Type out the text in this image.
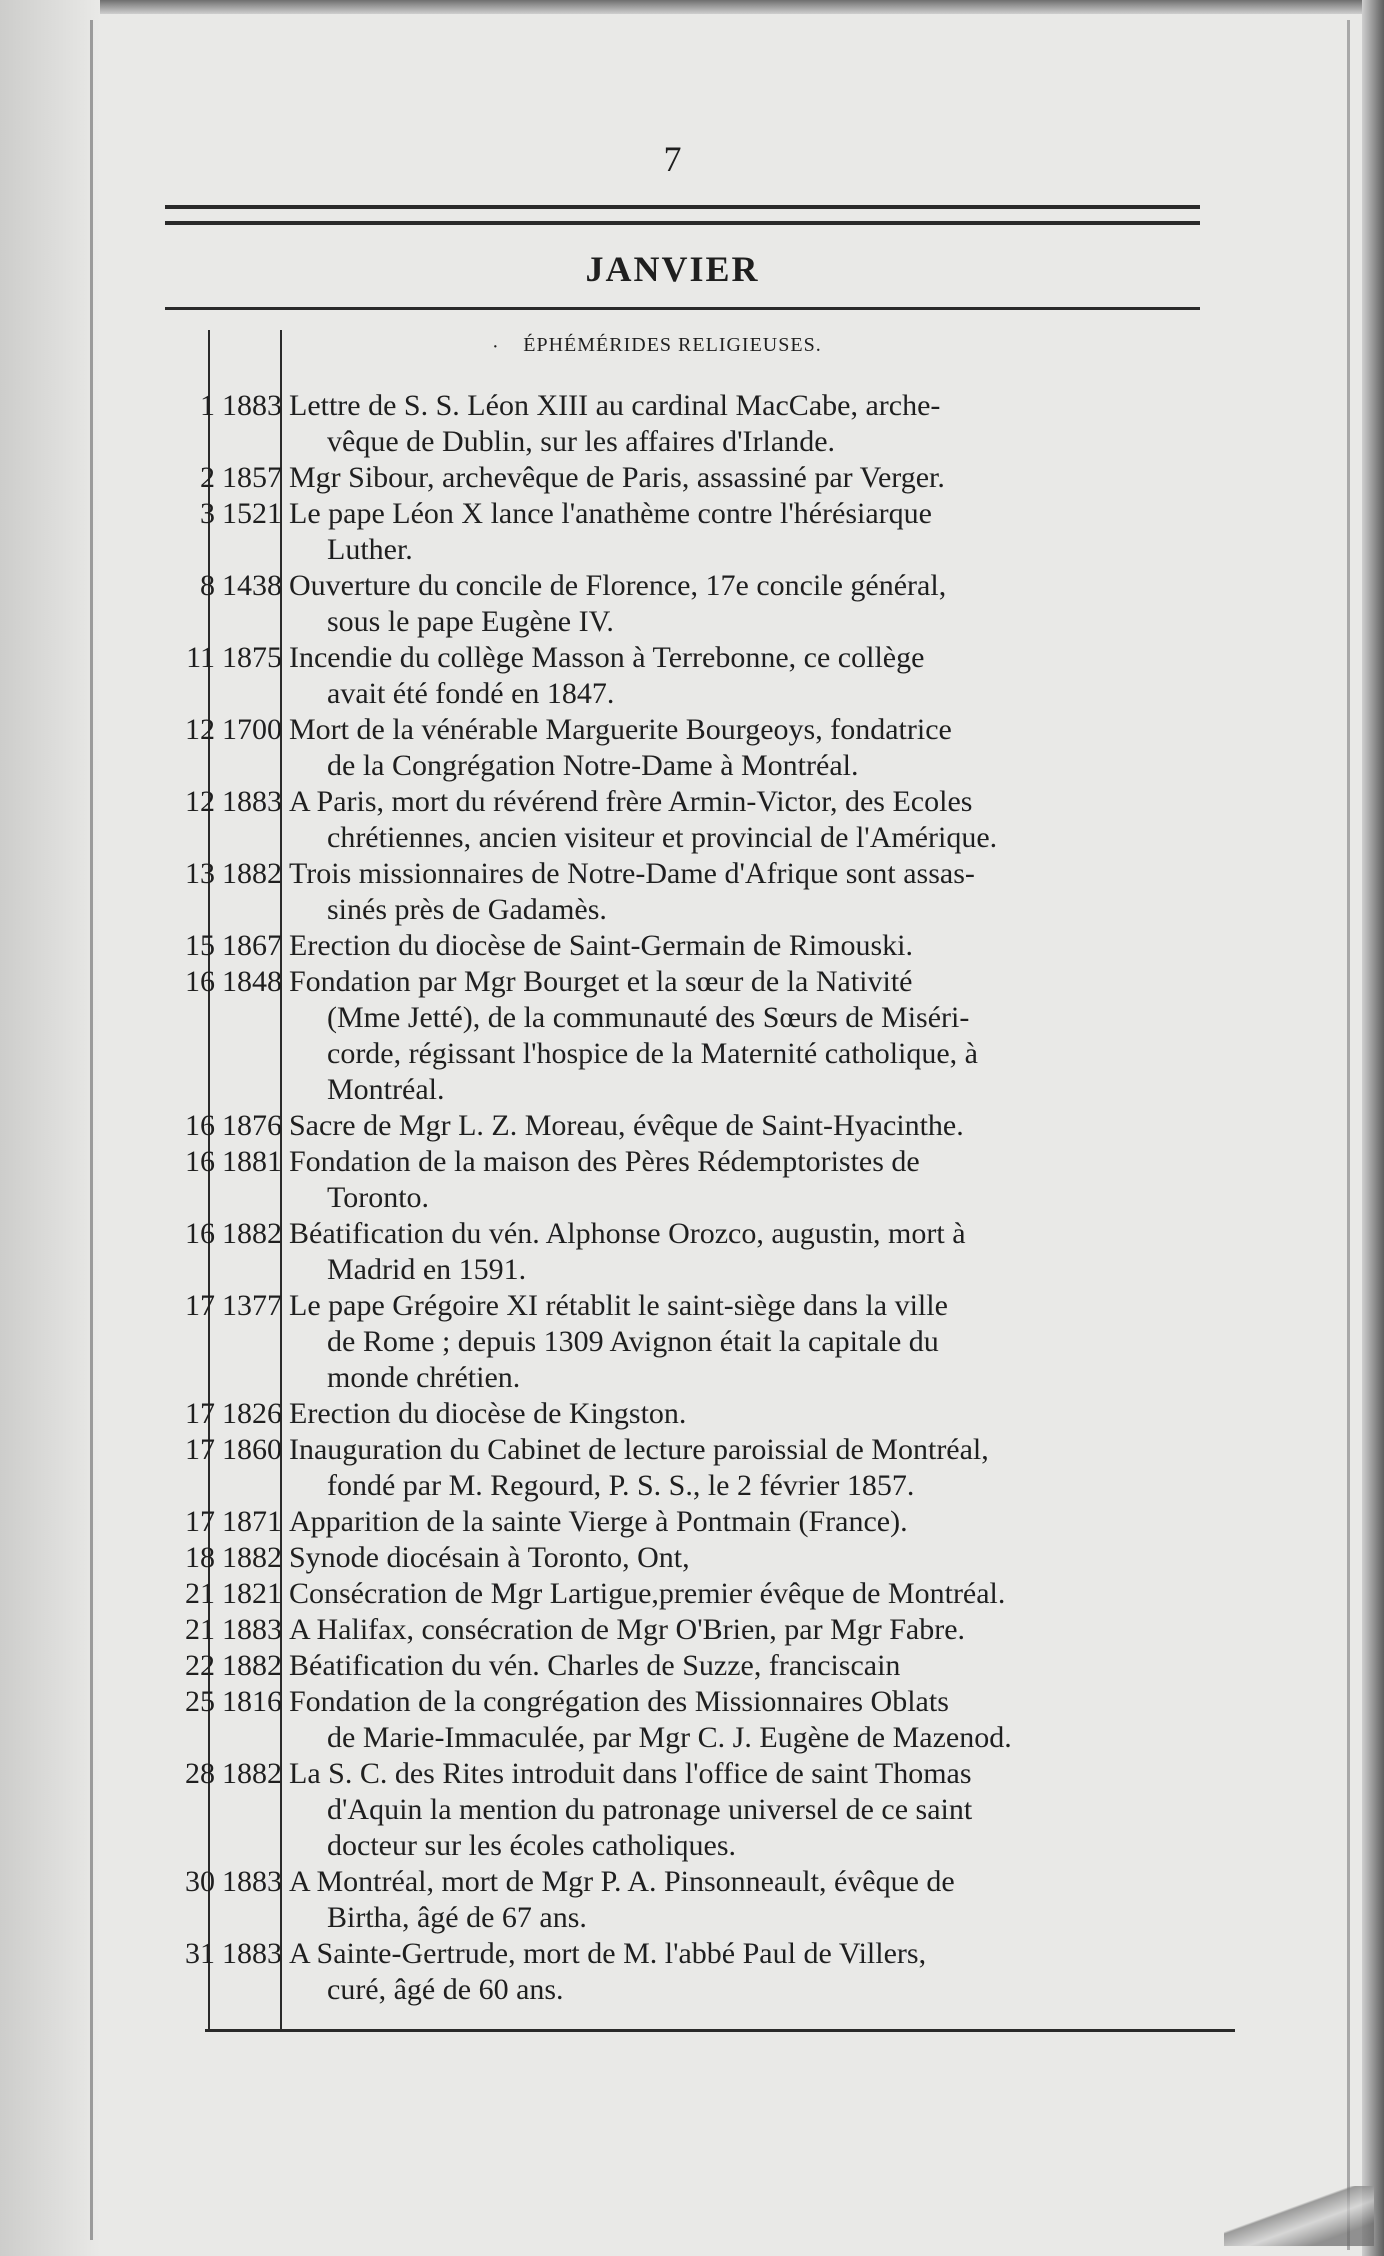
7
JANVIER
·	ÉPHÉMÉRIDES RELIGIEUSES.
1 1883 Lettre de S. S. Léon XIII au cardinal MacCabe, arche-
vêque de Dublin, sur les affaires d'Irlande.
2 1857 Mgr Sibour, archevêque de Paris, assassiné par Verger.
3 1521 Le pape Léon X lance l'anathème contre l'hérésiarque
Luther.
8 1438 Ouverture du concile de Florence, 17e concile général,
sous le pape Eugène IV.
11 1875 Incendie du collège Masson à Terrebonne, ce collège
avait été fondé en 1847.
12 1700 Mort de la vénérable Marguerite Bourgeoys, fondatrice
de la Congrégation Notre-Dame à Montréal.
12 1883 A Paris, mort du révérend frère Armin-Victor, des Ecoles
chrétiennes, ancien visiteur et provincial de l'Amérique.
13 1882 Trois missionnaires de Notre-Dame d'Afrique sont assas-
sinés près de Gadamès.
15 1867 Erection du diocèse de Saint-Germain de Rimouski.
16 1848 Fondation par Mgr Bourget et la sœur de la Nativité
(Mme Jetté), de la communauté des Sœurs de Miséri-
corde, régissant l'hospice de la Maternité catholique, à
Montréal.
16 1876 Sacre de Mgr L. Z. Moreau, évêque de Saint-Hyacinthe.
16 1881 Fondation de la maison des Pères Rédemptoristes de
Toronto.
16 1882 Béatification du vén. Alphonse Orozco, augustin, mort à
Madrid en 1591.
17 1377 Le pape Grégoire XI rétablit le saint-siège dans la ville
de Rome ; depuis 1309 Avignon était la capitale du
monde chrétien.
17 1826 Erection du diocèse de Kingston.
17 1860 Inauguration du Cabinet de lecture paroissial de Montréal,
fondé par M. Regourd, P. S. S., le 2 février 1857.
17 1871 Apparition de la sainte Vierge à Pontmain (France).
18 1882 Synode diocésain à Toronto, Ont,
21 1821 Consécration de Mgr Lartigue,premier évêque de Montréal.
21 1883 A Halifax, consécration de Mgr O'Brien, par Mgr Fabre.
22 1882 Béatification du vén. Charles de Suzze, franciscain
25 1816 Fondation de la congrégation des Missionnaires Oblats
de Marie-Immaculée, par Mgr C. J. Eugène de Mazenod.
28 1882 La S. C. des Rites introduit dans l'office de saint Thomas
d'Aquin la mention du patronage universel de ce saint
docteur sur les écoles catholiques.
30 1883 A Montréal, mort de Mgr P. A. Pinsonneault, évêque de
Birtha, âgé de 67 ans.
31 1883 A Sainte-Gertrude, mort de M. l'abbé Paul de Villers,
curé, âgé de 60 ans.
